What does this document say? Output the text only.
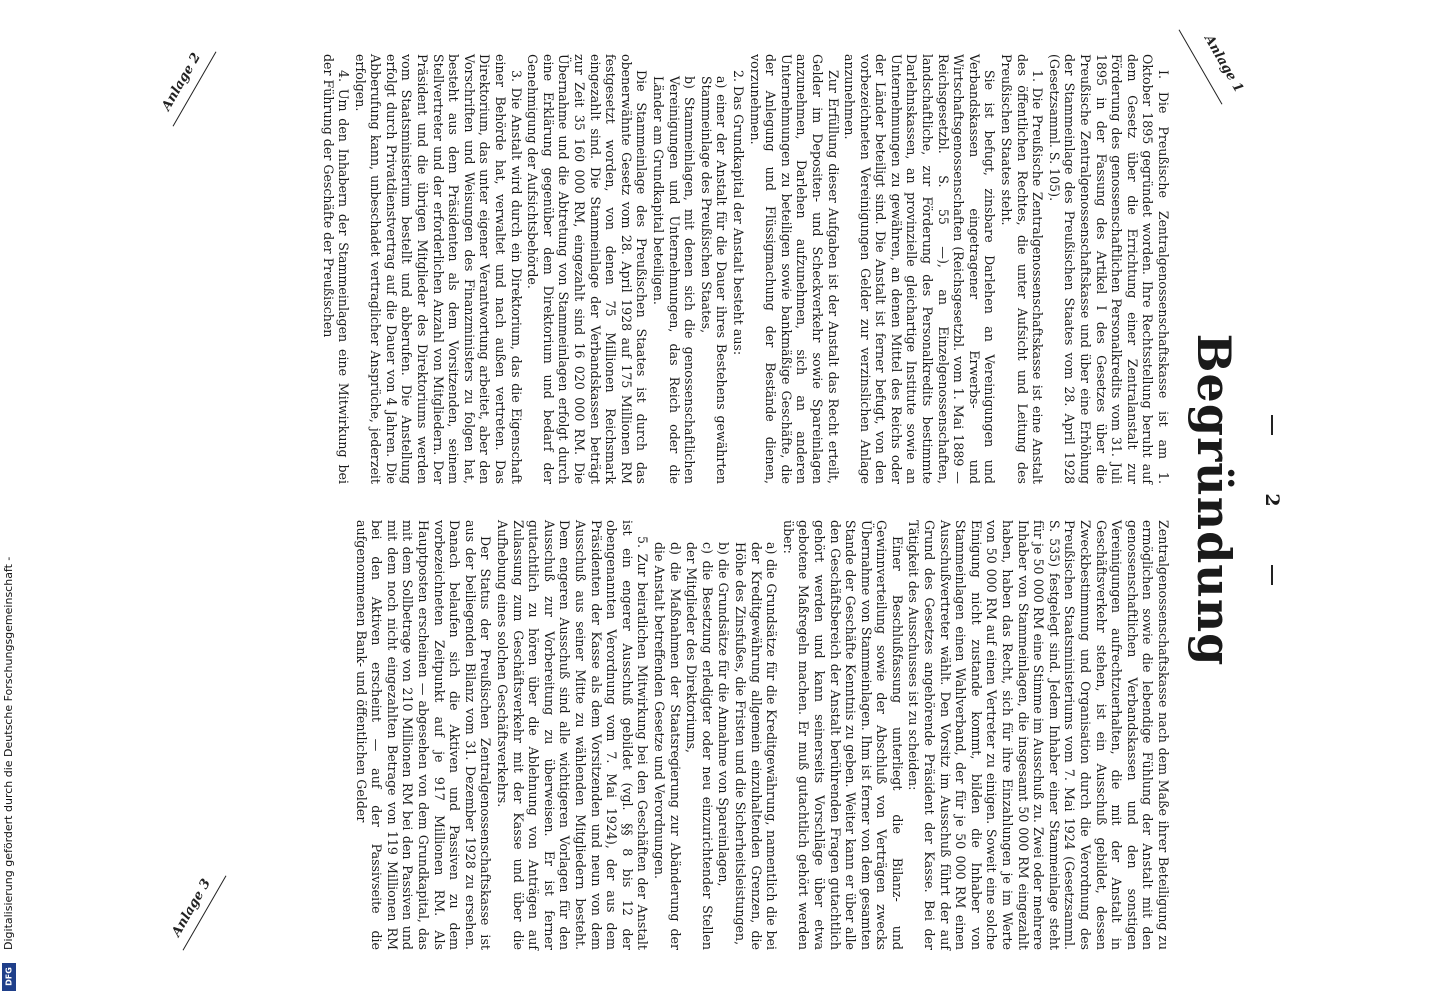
2
Begründung

I. Die Preußische Zentralgenossenschaftskasse ist am 1. Oktober 1895 gegründet worden. Ihre Rechtsstellung beruht auf dem Gesetz über die Errichtung einer Zentralanstalt zur Förderung des genossenschaftlichen Personalkredits vom 31. Juli 1895 in der Fassung des Artikel I des Gesetzes über die Preußische Zentralgenossenschaftskasse und über eine Erhöhung der Stammeinlage des Preußischen Staates vom 28. April 1928 (Gesetzsamml. S. 105).

1. Die Preußische Zentralgenossenschaftskasse ist eine Anstalt des öffentlichen Rechtes, die unter Aufsicht und Leitung des Preußischen Staates steht.

Sie ist befugt, zinsbare Darlehen an Vereinigungen und Verbandskassen eingetragener Erwerbs- und Wirtschaftsgenossenschaften (Reichsgesetzbl. vom 1. Mai 1889 — Reichsgesetzbl. S. 55 —), an Einzelgenossenschaften, landschaftliche, zur Förderung des Personalkredits bestimmte Darlehnskassen, an provinzielle gleichartige Institute sowie an Unternehmungen zu gewähren, an denen Mittel des Reichs oder der Länder beteiligt sind. Die Anstalt ist ferner befugt, von den vorbezeichneten Vereinigungen Gelder zur verzinslichen Anlage anzunehmen.

Zur Erfüllung dieser Aufgaben ist der Anstalt das Recht erteilt, Gelder im Depositen- und Scheckverkehr sowie Spareinlagen anzunehmen, Darlehen aufzunehmen, sich an anderen Unternehmungen zu beteiligen sowie bankmäßige Geschäfte, die der Anlegung und Flüssigmachung der Bestände dienen, vorzunehmen.

2. Das Grundkapital der Anstalt besteht aus:

a) einer der Anstalt für die Dauer ihres Bestehens gewährten Stammeinlage des Preußischen Staates,

b) Stammeinlagen, mit denen sich die genossenschaftlichen Vereinigungen und Unternehmungen, das Reich oder die Länder am Grundkapital beteiligen.

Die Stammeinlage des Preußischen Staates ist durch das obenerwähnte Gesetz vom 28. April 1928 auf 175 Millionen RM festgesetzt worden, von denen 75 Millionen Reichsmark eingezahlt sind. Die Stammeinlage der Verbandskassen beträgt zur Zeit 35 160 000 RM, eingezahlt sind 16 020 000 RM. Die Übernahme und die Abtretung von Stammeinlagen erfolgt durch eine Erklärung gegenüber dem Direktorium und bedarf der Genehmigung der Aufsichtsbehörde.

3. Die Anstalt wird durch ein Direktorium, das die Eigenschaft einer Behörde hat, verwaltet und nach außen vertreten. Das Direktorium, das unter eigener Verantwortung arbeitet, aber den Vorschriften und Weisungen des Finanzministers zu folgen hat, besteht aus dem Präsidenten als dem Vorsitzenden, seinem Stellvertreter und der erforderlichen Anzahl von Mitgliedern. Der Präsident und die übrigen Mitglieder des Direktoriums werden vom Staatsministerium bestellt und abberufen. Die Anstellung erfolgt durch Privatdienstvertrag auf die Dauer von 4 Jahren. Die Abberufung kann, unbeschadet vertraglicher Ansprüche, jederzeit erfolgen.

4. Um den Inhabern der Stammeinlagen eine Mitwirkung bei der Führung der Geschäfte der Preußischen

Zentralgenossenschaftskasse nach dem Maße ihrer Beteiligung zu ermöglichen sowie die lebendige Fühlung der Anstalt mit den genossenschaftlichen Verbandskassen und den sonstigen Vereinigungen aufrechtzuerhalten, die mit der Anstalt in Geschäftsverkehr stehen, ist ein Ausschuß gebildet, dessen Zweckbestimmung und Organisation durch die Verordnung des Preußischen Staatsministeriums vom 7. Mai 1924 (Gesetzsamml. S. 535) festgelegt sind. Jedem Inhaber einer Stammeinlage steht für je 50 000 RM eine Stimme im Ausschuß zu. Zwei oder mehrere Inhaber von Stammeinlagen, die insgesamt 50 000 RM eingezahlt haben, haben das Recht, sich für ihre Einzahlungen je im Werte von 50 000 RM auf einen Vertreter zu einigen. Soweit eine solche Einigung nicht zustande kommt, bilden die Inhaber von Stammeinlagen einen Wahlverband, der für je 50 000 RM einen Ausschußvertreter wählt. Den Vorsitz im Ausschuß führt der auf Grund des Gesetzes angehörende Präsident der Kasse. Bei der Tätigkeit des Ausschusses ist zu scheiden:

Einer Beschlußfassung unterliegt die Bilanz- und Gewinnverteilung sowie der Abschluß von Verträgen zwecks Übernahme von Stammeinlagen. Ihm ist ferner von dem gesamten Stande der Geschäfte Kenntnis zu geben. Weiter kann er über alle den Geschäftsbereich der Anstalt berührenden Fragen gutachtlich gehört werden und kann seinerseits Vorschläge über etwa gebotene Maßregeln machen. Er muß gutachtlich gehört werden über:

a) die Grundsätze für die Kreditgewährung, namentlich die bei der Kreditgewährung allgemein einzuhaltenden Grenzen, die Höhe des Zinsfußes, die Fristen und die Sicherheitsleistungen,

b) die Grundsätze für die Annahme von Spareinlagen,

c) die Besetzung erledigter oder neu einzurichtender Stellen der Mitglieder des Direktoriums,

d) die Maßnahmen der Staatsregierung zur Abänderung der die Anstalt betreffenden Gesetze und Verordnungen.

5. Zur beiratlichen Mitwirkung bei den Geschäften der Anstalt ist ein engerer Ausschuß gebildet (vgl. §§ 8 bis 12 der obengenannten Verordnung vom 7. Mai 1924), der aus dem Präsidenten der Kasse als dem Vorsitzenden und neun von dem Ausschuß aus seiner Mitte zu wählenden Mitgliedern besteht. Dem engeren Ausschuß sind alle wichtigeren Vorlagen für den Ausschuß zur Vorbereitung zu überweisen. Er ist ferner gutachtlich zu hören über die Ablehnung von Anträgen auf Zulassung zum Geschäftsverkehr mit der Kasse und über die Aufhebung eines solchen Geschäftsverkehrs.

Der Status der Preußischen Zentralgenossenschaftskasse ist aus der beiliegenden Bilanz vom 31. Dezember 1928 zu ersehen. Danach belaufen sich die Aktiven und Passiven zu dem vorbezeichneten Zeitpunkt auf je 917 Millionen RM. Als Hauptposten erscheinen — abgesehen von dem Grundkapital, das mit dem Sollbetrage von 210 Millionen RM bei den Passiven und mit dem noch nicht eingezahlten Betrage von 119 Millionen RM bei den Aktiven erscheint — auf der Passivseite die aufgenommenen Bank- und öffentlichen Gelder

Anlage 1
Anlage 2
Anlage 3
Digitalisierung gefördert durch die Deutsche Forschungsgemeinschaft -
DFG
